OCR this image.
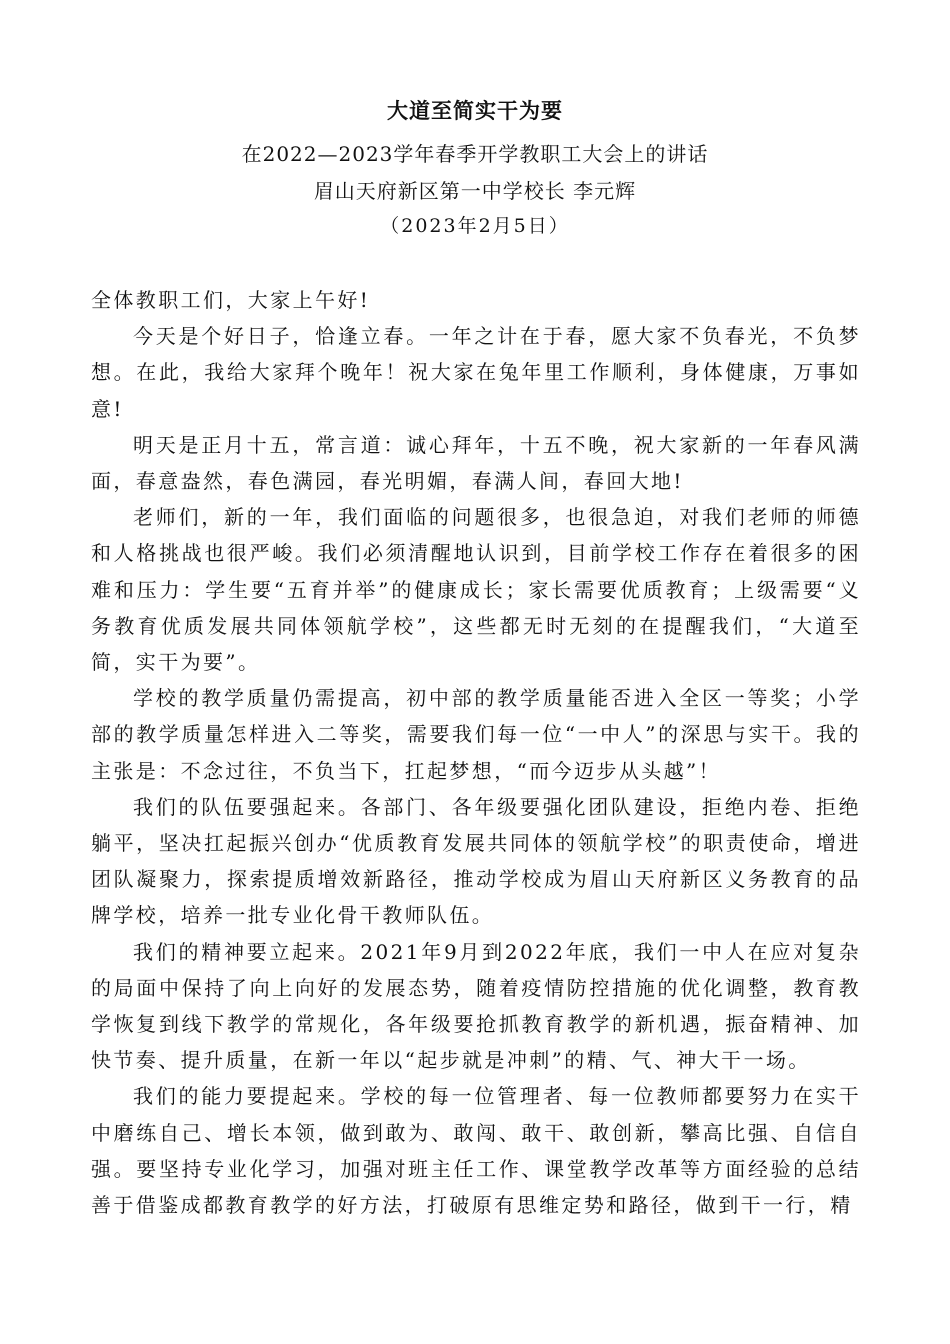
大道至简实干为要
在2022—2023学年春季开学教职工大会上的讲话
眉山天府新区第一中学校长 李元辉
（2023年2月5日）

全体教职工们，大家上午好!

今天是个好日子，恰逢立春。一年之计在于春，愿大家不负春光，不负梦想。在此，我给大家拜个晚年！祝大家在兔年里工作顺利，身体健康，万事如意!

明天是正月十五，常言道：诚心拜年，十五不晚，祝大家新的一年春风满面，春意盎然，春色满园，春光明媚，春满人间，春回大地!

老师们，新的一年，我们面临的问题很多，也很急迫，对我们老师的师德和人格挑战也很严峻。我们必须清醒地认识到，目前学校工作存在着很多的困难和压力：学生要“五育并举”的健康成长；家长需要优质教育；上级需要“义务教育优质发展共同体领航学校”，这些都无时无刻的在提醒我们，“大道至简，实干为要”。

学校的教学质量仍需提高，初中部的教学质量能否进入全区一等奖；小学部的教学质量怎样进入二等奖，需要我们每一位“一中人”的深思与实干。我的主张是：不念过往，不负当下，扛起梦想，“而今迈步从头越”！

我们的队伍要强起来。各部门、各年级要强化团队建设，拒绝内卷、拒绝躺平，坚决扛起振兴创办“优质教育发展共同体的领航学校”的职责使命，增进团队凝聚力，探索提质增效新路径，推动学校成为眉山天府新区义务教育的品牌学校，培养一批专业化骨干教师队伍。

我们的精神要立起来。2021年9月到2022年底，我们一中人在应对复杂的局面中保持了向上向好的发展态势，随着疫情防控措施的优化调整，教育教学恢复到线下教学的常规化，各年级要抢抓教育教学的新机遇，振奋精神、加快节奏、提升质量，在新一年以“起步就是冲刺”的精、气、神大干一场。

我们的能力要提起来。学校的每一位管理者、每一位教师都要努力在实干中磨练自己、增长本领，做到敢为、敢闯、敢干、敢创新，攀高比强、自信自强。要坚持专业化学习，加强对班主任工作、课堂教学改革等方面经验的总结善于借鉴成都教育教学的好方法，打破原有思维定势和路径，做到干一行，精
